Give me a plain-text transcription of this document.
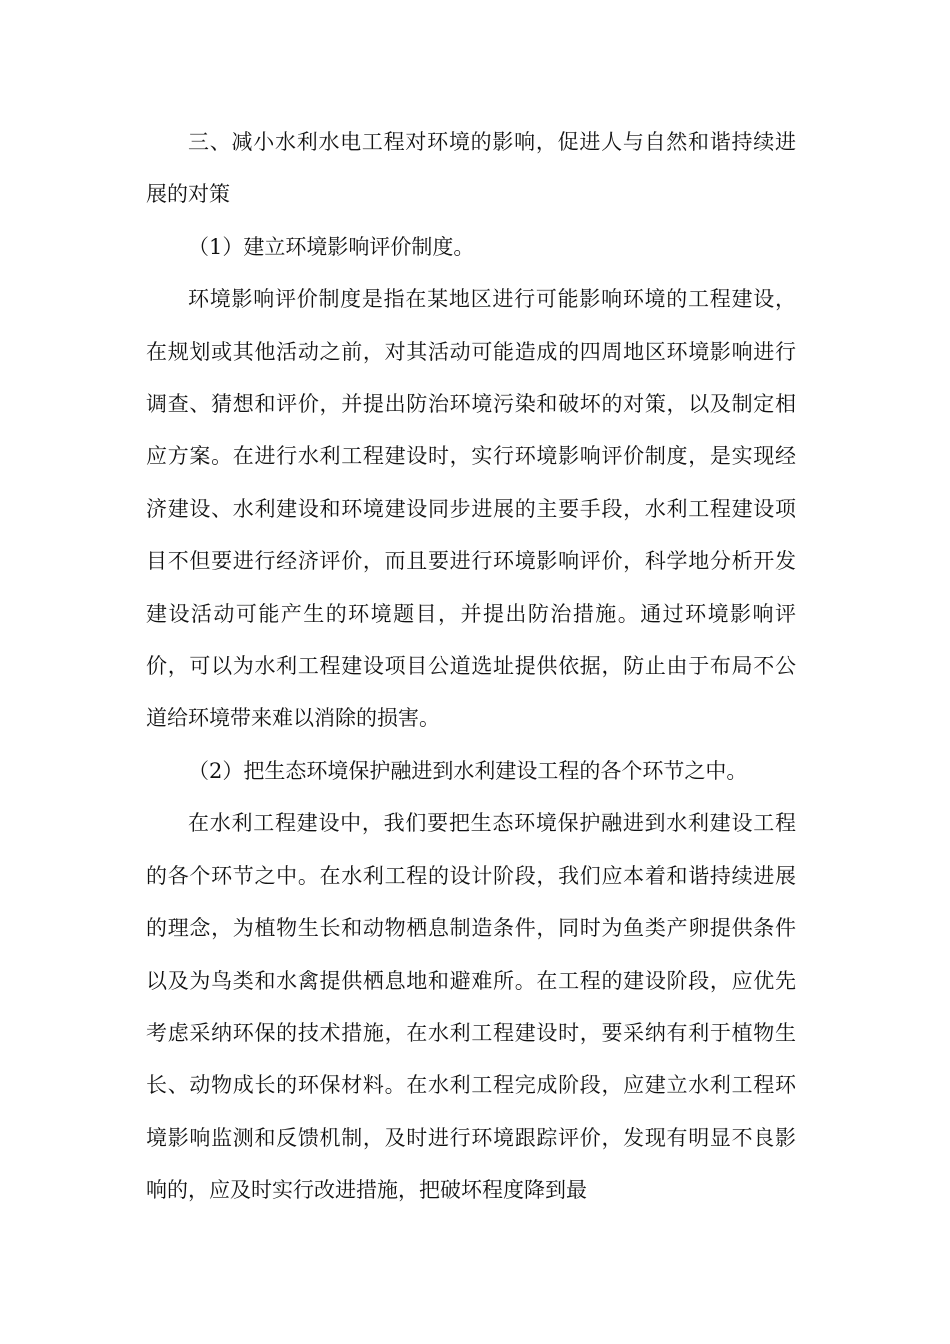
三、减小水利水电工程对环境的影响，促进人与自然和谐持续进展的对策

（1）建立环境影响评价制度。

环境影响评价制度是指在某地区进行可能影响环境的工程建设，在规划或其他活动之前，对其活动可能造成的四周地区环境影响进行调查、猜想和评价，并提出防治环境污染和破坏的对策，以及制定相应方案。在进行水利工程建设时，实行环境影响评价制度，是实现经济建设、水利建设和环境建设同步进展的主要手段，水利工程建设项目不但要进行经济评价，而且要进行环境影响评价，科学地分析开发建设活动可能产生的环境题目，并提出防治措施。通过环境影响评价，可以为水利工程建设项目公道选址提供依据，防止由于布局不公道给环境带来难以消除的损害。

（2）把生态环境保护融进到水利建设工程的各个环节之中。

在水利工程建设中，我们要把生态环境保护融进到水利建设工程的各个环节之中。在水利工程的设计阶段，我们应本着和谐持续进展的理念，为植物生长和动物栖息制造条件，同时为鱼类产卵提供条件以及为鸟类和水禽提供栖息地和避难所。在工程的建设阶段，应优先考虑采纳环保的技术措施，在水利工程建设时，要采纳有利于植物生长、动物成长的环保材料。在水利工程完成阶段，应建立水利工程环境影响监测和反馈机制，及时进行环境跟踪评价，发现有明显不良影响的，应及时实行改进措施，把破坏程度降到最
